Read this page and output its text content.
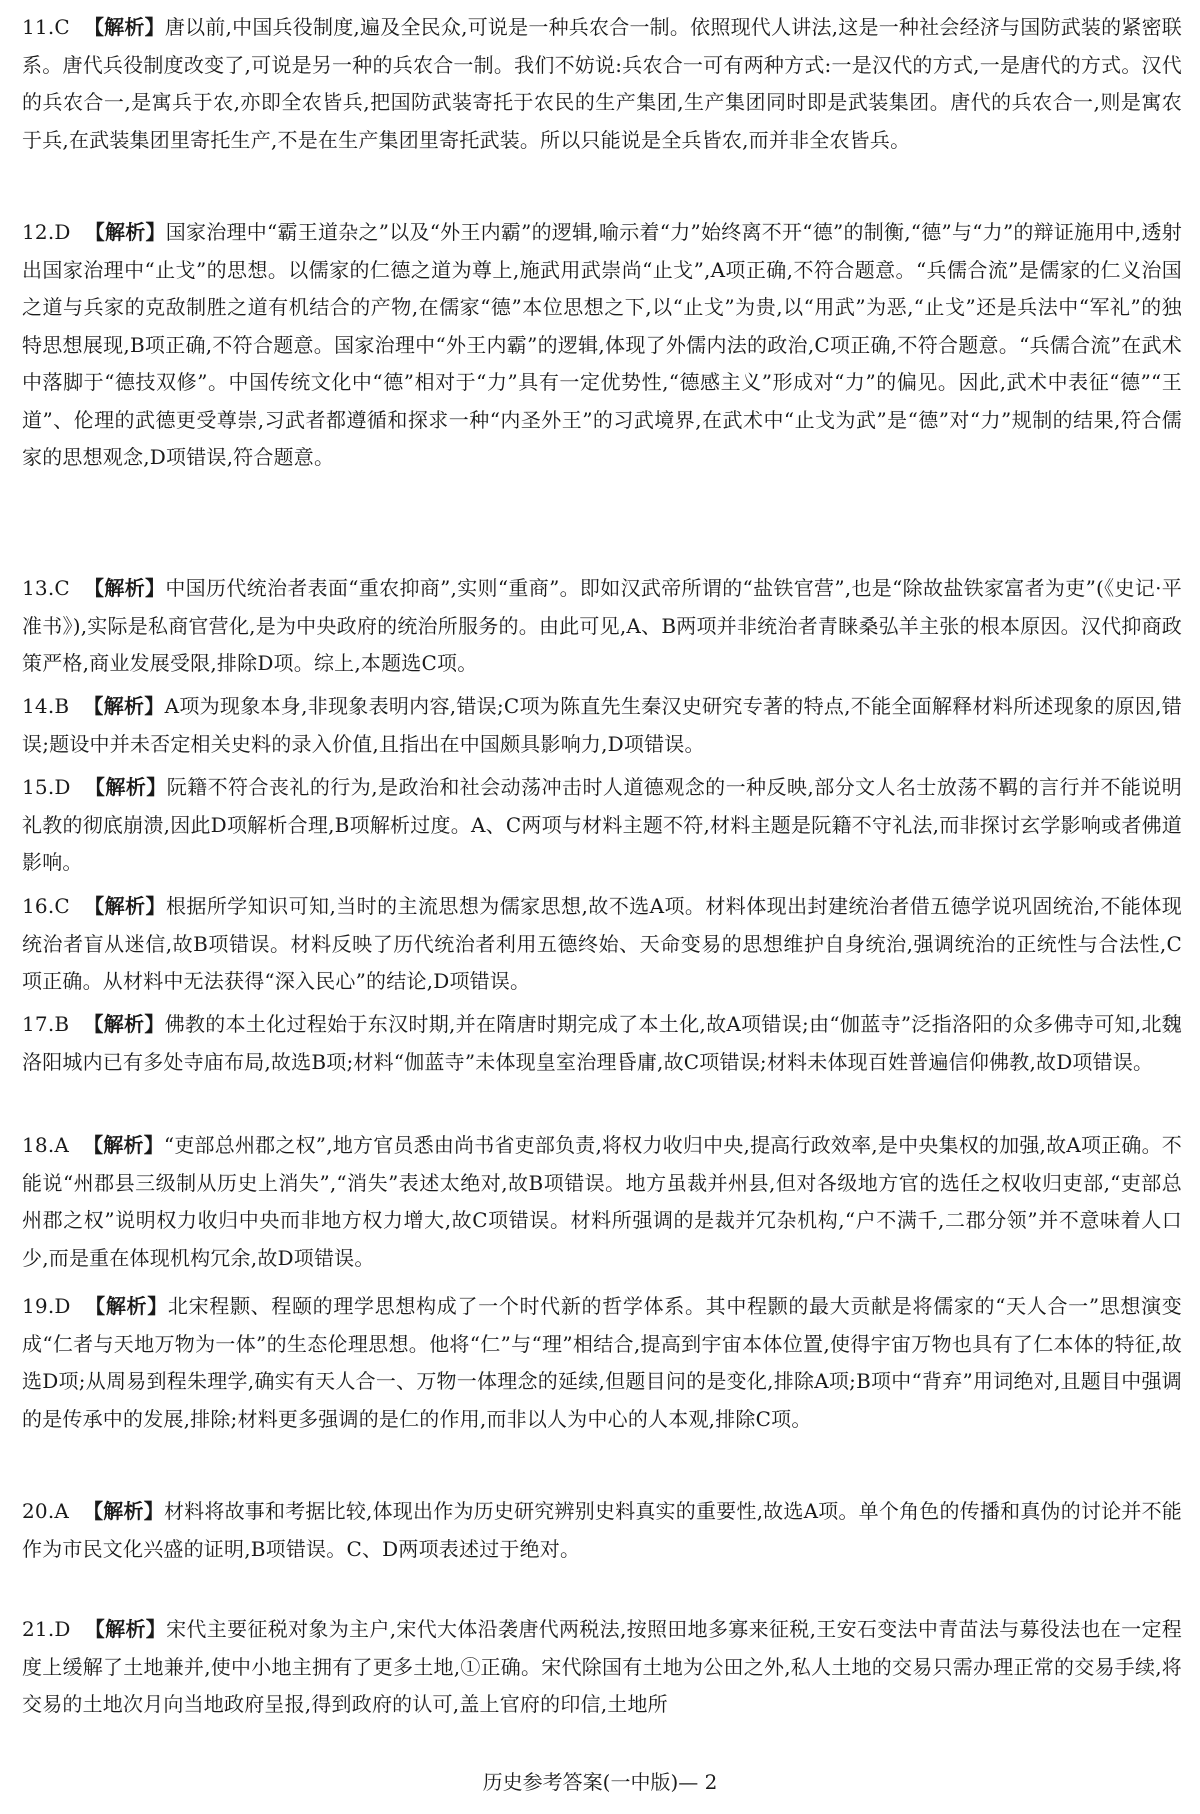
11.C 【解析】唐以前,中国兵役制度,遍及全民众,可说是一种兵农合一制。依照现代人讲法,这是一种社会经济与国防武装的紧密联系。唐代兵役制度改变了,可说是另一种的兵农合一制。我们不妨说:兵农合一可有两种方式:一是汉代的方式,一是唐代的方式。汉代的兵农合一,是寓兵于农,亦即全农皆兵,把国防武装寄托于农民的生产集团,生产集团同时即是武装集团。唐代的兵农合一,则是寓农于兵,在武装集团里寄托生产,不是在生产集团里寄托武装。所以只能说是全兵皆农,而并非全农皆兵。
12.D 【解析】国家治理中“霸王道杂之”以及“外王内霸”的逻辑,喻示着“力”始终离不开“德”的制衡,“德”与“力”的辩证施用中,透射出国家治理中“止戈”的思想。以儒家的仁德之道为尊上,施武用武崇尚“止戈”,A项正确,不符合题意。“兵儒合流”是儒家的仁义治国之道与兵家的克敌制胜之道有机结合的产物,在儒家“德”本位思想之下,以“止戈”为贵,以“用武”为恶,“止戈”还是兵法中“军礼”的独特思想展现,B项正确,不符合题意。国家治理中“外王内霸”的逻辑,体现了外儒内法的政治,C项正确,不符合题意。“兵儒合流”在武术中落脚于“德技双修”。中国传统文化中“德”相对于“力”具有一定优势性,“德感主义”形成对“力”的偏见。因此,武术中表征“德”“王道”、伦理的武德更受尊崇,习武者都遵循和探求一种“内圣外王”的习武境界,在武术中“止戈为武”是“德”对“力”规制的结果,符合儒家的思想观念,D项错误,符合题意。
13.C 【解析】中国历代统治者表面“重农抑商”,实则“重商”。即如汉武帝所谓的“盐铁官营”,也是“除故盐铁家富者为吏”(《史记·平准书》),实际是私商官营化,是为中央政府的统治所服务的。由此可见,A、B两项并非统治者青睐桑弘羊主张的根本原因。汉代抑商政策严格,商业发展受限,排除D项。综上,本题选C项。
14.B 【解析】A项为现象本身,非现象表明内容,错误;C项为陈直先生秦汉史研究专著的特点,不能全面解释材料所述现象的原因,错误;题设中并未否定相关史料的录入价值,且指出在中国颇具影响力,D项错误。
15.D 【解析】阮籍不符合丧礼的行为,是政治和社会动荡冲击时人道德观念的一种反映,部分文人名士放荡不羁的言行并不能说明礼教的彻底崩溃,因此D项解析合理,B项解析过度。A、C两项与材料主题不符,材料主题是阮籍不守礼法,而非探讨玄学影响或者佛道影响。
16.C 【解析】根据所学知识可知,当时的主流思想为儒家思想,故不选A项。材料体现出封建统治者借五德学说巩固统治,不能体现统治者盲从迷信,故B项错误。材料反映了历代统治者利用五德终始、天命变易的思想维护自身统治,强调统治的正统性与合法性,C项正确。从材料中无法获得“深入民心”的结论,D项错误。
17.B 【解析】佛教的本土化过程始于东汉时期,并在隋唐时期完成了本土化,故A项错误;由“伽蓝寺”泛指洛阳的众多佛寺可知,北魏洛阳城内已有多处寺庙布局,故选B项;材料“伽蓝寺”未体现皇室治理昏庸,故C项错误;材料未体现百姓普遍信仰佛教,故D项错误。
18.A 【解析】“吏部总州郡之权”,地方官员悉由尚书省吏部负责,将权力收归中央,提高行政效率,是中央集权的加强,故A项正确。不能说“州郡县三级制从历史上消失”,“消失”表述太绝对,故B项错误。地方虽裁并州县,但对各级地方官的选任之权收归吏部,“吏部总州郡之权”说明权力收归中央而非地方权力增大,故C项错误。材料所强调的是裁并冗杂机构,“户不满千,二郡分领”并不意味着人口少,而是重在体现机构冗余,故D项错误。
19.D 【解析】北宋程颢、程颐的理学思想构成了一个时代新的哲学体系。其中程颢的最大贡献是将儒家的“天人合一”思想演变成“仁者与天地万物为一体”的生态伦理思想。他将“仁”与“理”相结合,提高到宇宙本体位置,使得宇宙万物也具有了仁本体的特征,故选D项;从周易到程朱理学,确实有天人合一、万物一体理念的延续,但题目问的是变化,排除A项;B项中“背弃”用词绝对,且题目中强调的是传承中的发展,排除;材料更多强调的是仁的作用,而非以人为中心的人本观,排除C项。
20.A 【解析】材料将故事和考据比较,体现出作为历史研究辨别史料真实的重要性,故选A项。单个角色的传播和真伪的讨论并不能作为市民文化兴盛的证明,B项错误。C、D两项表述过于绝对。
21.D 【解析】宋代主要征税对象为主户,宋代大体沿袭唐代两税法,按照田地多寡来征税,王安石变法中青苗法与募役法也在一定程度上缓解了土地兼并,使中小地主拥有了更多土地,①正确。宋代除国有土地为公田之外,私人土地的交易只需办理正常的交易手续,将交易的土地次月向当地政府呈报,得到政府的认可,盖上官府的印信,土地所
历史参考答案(一中版)— 2
